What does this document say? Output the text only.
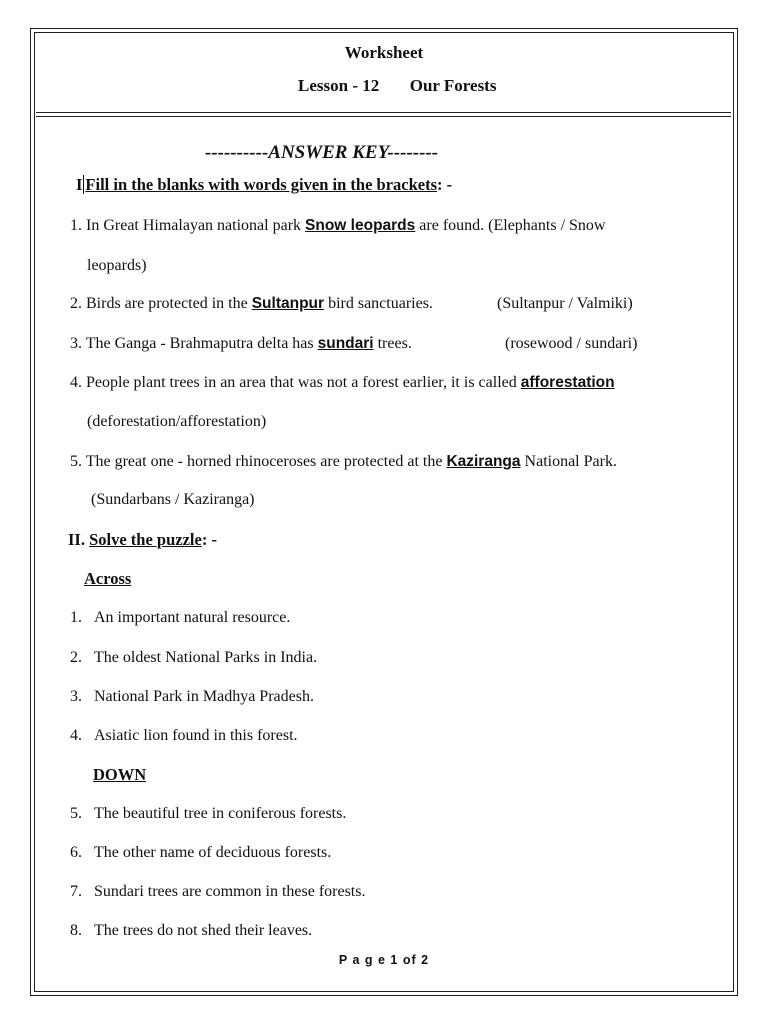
Worksheet
Lesson - 12 Our Forests
----------ANSWER KEY--------
I Fill in the blanks with words given in the brackets: -
1. In Great Himalayan national park Snow leopards are found. (Elephants / Snow
leopards)
2. Birds are protected in the Sultanpur bird sanctuaries.	(Sultanpur / Valmiki)
3. The Ganga - Brahmaputra delta has sundari trees.	(rosewood / sundari)
4. People plant trees in an area that was not a forest earlier, it is called afforestation
(deforestation/afforestation)
5. The great one - horned rhinoceroses are protected at the Kaziranga National Park.
(Sundarbans / Kaziranga)
II. Solve the puzzle: -
Across
1. An important natural resource.
2. The oldest National Parks in India.
3. National Park in Madhya Pradesh.
4. Asiatic lion found in this forest.
DOWN
5. The beautiful tree in coniferous forests.
6. The other name of deciduous forests.
7. Sundari trees are common in these forests.
8. The trees do not shed their leaves.
P a g e 1 of 2
